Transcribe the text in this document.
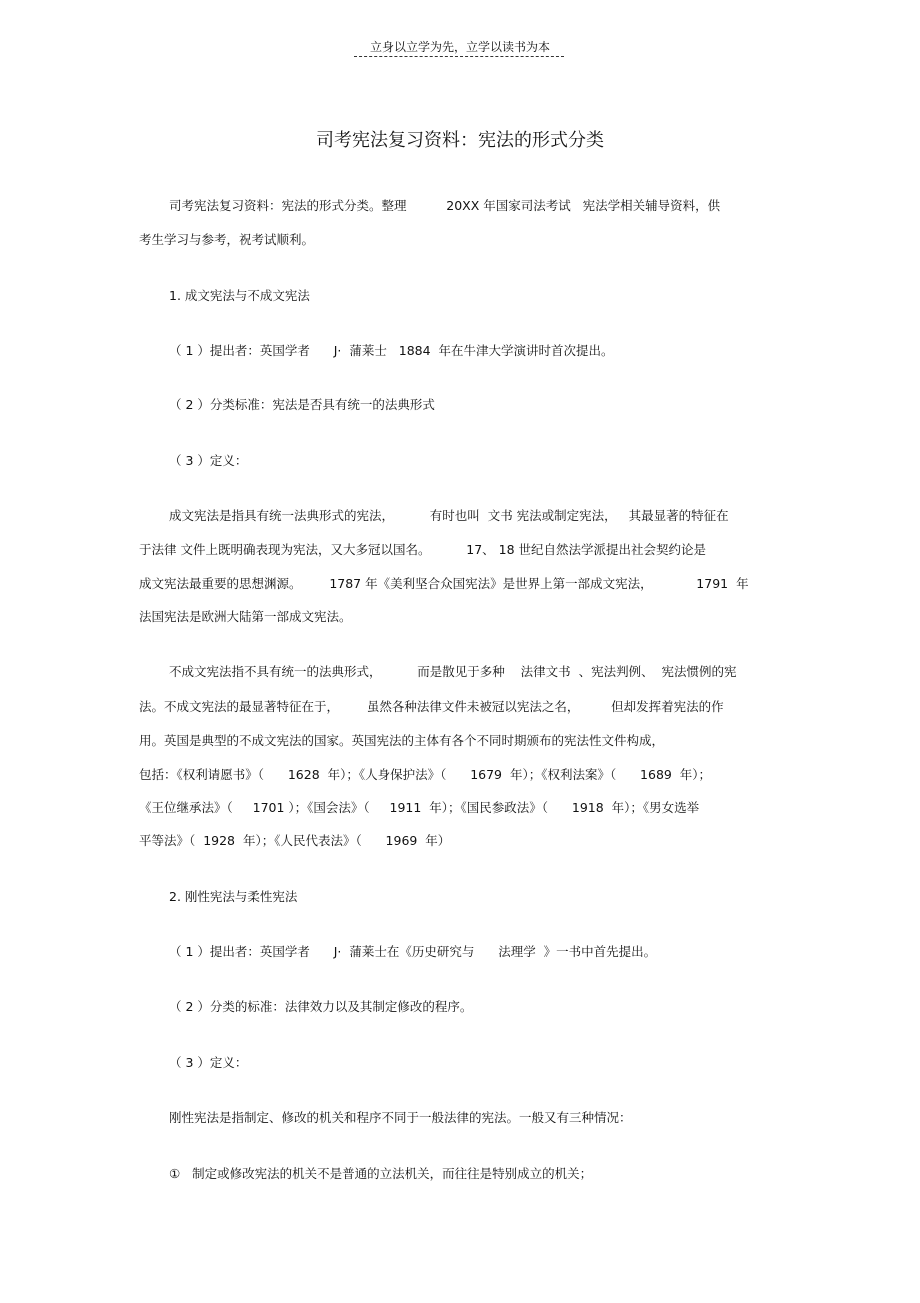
立身以立学为先，立学以读书为本
司考宪法复习资料：宪法的形式分类
司考宪法复习资料：宪法的形式分类。整理          20XX 年国家司法考试   宪法学相关辅导资料，供
考生学习与参考，祝考试顺利。
1. 成文宪法与不成文宪法
（ 1 ）提出者：英国学者      J·  蒲莱士   1884  年在牛津大学演讲时首次提出。
（ 2 ）分类标准：宪法是否具有统一的法典形式
（ 3 ）定义：
成文宪法是指具有统一法典形式的宪法，         有时也叫  文书 宪法或制定宪法，   其最显著的特征在
于法律 文件上既明确表现为宪法，又大多冠以国名。         17、 18 世纪自然法学派提出社会契约论是
成文宪法最重要的思想渊源。       1787 年《美利坚合众国宪法》是世界上第一部成文宪法，           1791  年
法国宪法是欧洲大陆第一部成文宪法。
不成文宪法指不具有统一的法典形式，         而是散见于多种    法律文书  、宪法判例、  宪法惯例的宪
法。不成文宪法的最显著特征在于，       虽然各种法律文件未被冠以宪法之名，        但却发挥着宪法的作
用。英国是典型的不成文宪法的国家。英国宪法的主体有各个不同时期颁布的宪法性文件构成，
包括：《权利请愿书》（      1628  年）；《人身保护法》（      1679  年）；《权利法案》（      1689  年）；
《王位继承法》（     1701 ）；《国会法》（     1911  年）；《国民参政法》（      1918  年）；《男女选举
平等法》（  1928  年）；《人民代表法》（      1969  年）
2. 刚性宪法与柔性宪法
（ 1 ）提出者：英国学者      J·  蒲莱士在《历史研究与      法理学  》一书中首先提出。
（ 2 ）分类的标准：法律效力以及其制定修改的程序。
（ 3 ）定义：
刚性宪法是指制定、修改的机关和程序不同于一般法律的宪法。一般又有三种情况：
①   制定或修改宪法的机关不是普通的立法机关，而往往是特别成立的机关；
